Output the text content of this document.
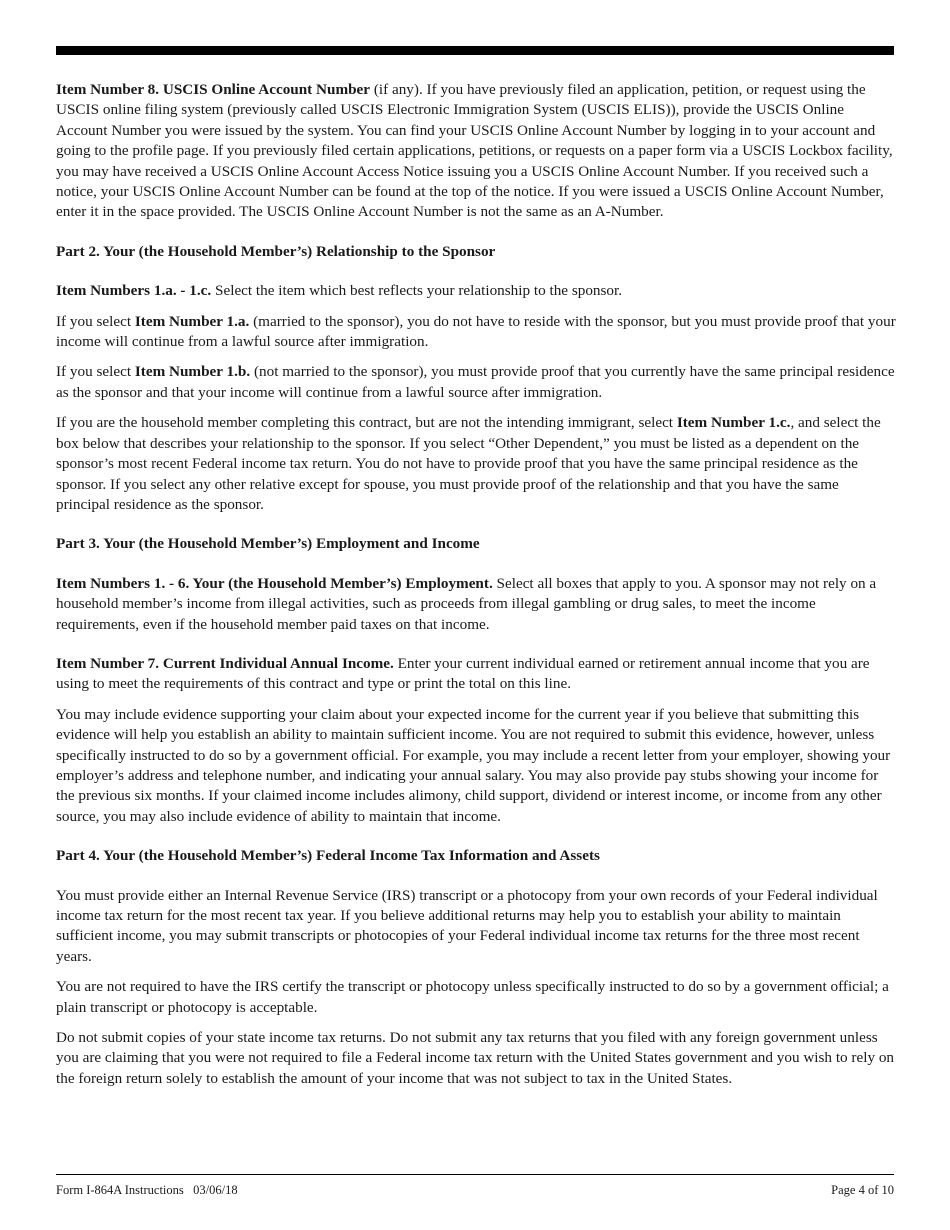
Item Number 8. USCIS Online Account Number (if any). If you have previously filed an application, petition, or request using the USCIS online filing system (previously called USCIS Electronic Immigration System (USCIS ELIS)), provide the USCIS Online Account Number you were issued by the system. You can find your USCIS Online Account Number by logging in to your account and going to the profile page. If you previously filed certain applications, petitions, or requests on a paper form via a USCIS Lockbox facility, you may have received a USCIS Online Account Access Notice issuing you a USCIS Online Account Number. If you received such a notice, your USCIS Online Account Number can be found at the top of the notice. If you were issued a USCIS Online Account Number, enter it in the space provided. The USCIS Online Account Number is not the same as an A-Number.

Part 2. Your (the Household Member’s) Relationship to the Sponsor

Item Numbers 1.a. - 1.c. Select the item which best reflects your relationship to the sponsor.

If you select Item Number 1.a. (married to the sponsor), you do not have to reside with the sponsor, but you must provide proof that your income will continue from a lawful source after immigration.

If you select Item Number 1.b. (not married to the sponsor), you must provide proof that you currently have the same principal residence as the sponsor and that your income will continue from a lawful source after immigration.

If you are the household member completing this contract, but are not the intending immigrant, select Item Number 1.c., and select the box below that describes your relationship to the sponsor. If you select “Other Dependent,” you must be listed as a dependent on the sponsor’s most recent Federal income tax return. You do not have to provide proof that you have the same principal residence as the sponsor. If you select any other relative except for spouse, you must provide proof of the relationship and that you have the same principal residence as the sponsor.

Part 3. Your (the Household Member’s) Employment and Income

Item Numbers 1. - 6. Your (the Household Member’s) Employment. Select all boxes that apply to you. A sponsor may not rely on a household member’s income from illegal activities, such as proceeds from illegal gambling or drug sales, to meet the income requirements, even if the household member paid taxes on that income.

Item Number 7. Current Individual Annual Income. Enter your current individual earned or retirement annual income that you are using to meet the requirements of this contract and type or print the total on this line.

You may include evidence supporting your claim about your expected income for the current year if you believe that submitting this evidence will help you establish an ability to maintain sufficient income. You are not required to submit this evidence, however, unless specifically instructed to do so by a government official. For example, you may include a recent letter from your employer, showing your employer’s address and telephone number, and indicating your annual salary. You may also provide pay stubs showing your income for the previous six months. If your claimed income includes alimony, child support, dividend or interest income, or income from any other source, you may also include evidence of ability to maintain that income.

Part 4. Your (the Household Member’s) Federal Income Tax Information and Assets

You must provide either an Internal Revenue Service (IRS) transcript or a photocopy from your own records of your Federal individual income tax return for the most recent tax year. If you believe additional returns may help you to establish your ability to maintain sufficient income, you may submit transcripts or photocopies of your Federal individual income tax returns for the three most recent years.

You are not required to have the IRS certify the transcript or photocopy unless specifically instructed to do so by a government official; a plain transcript or photocopy is acceptable.

Do not submit copies of your state income tax returns. Do not submit any tax returns that you filed with any foreign government unless you are claiming that you were not required to file a Federal income tax return with the United States government and you wish to rely on the foreign return solely to establish the amount of your income that was not subject to tax in the United States.

Form I-864A Instructions   03/06/18	Page 4 of 10
